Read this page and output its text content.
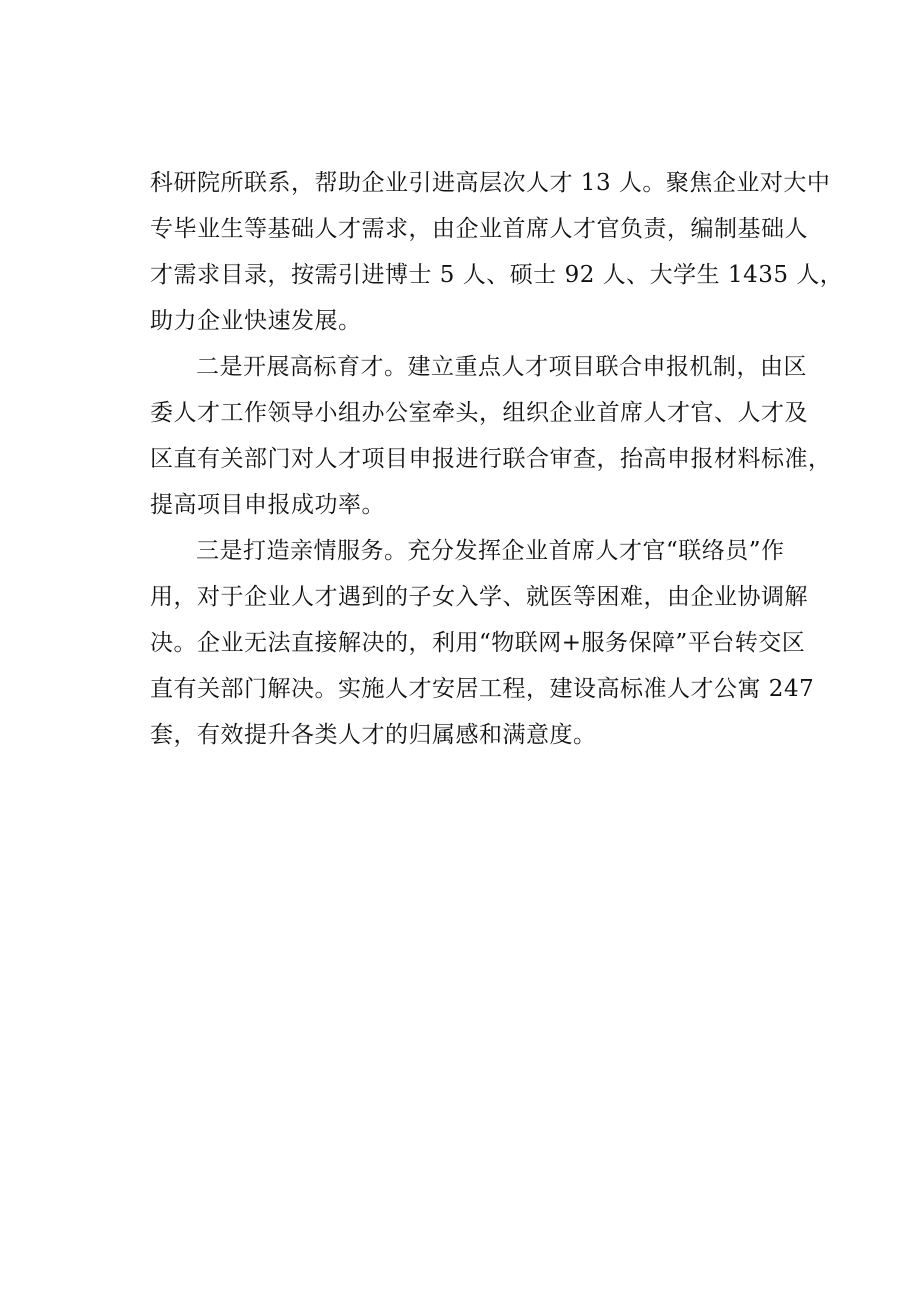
科研院所联系，帮助企业引进高层次人才 13 人。聚焦企业对大中
专毕业生等基础人才需求，由企业首席人才官负责，编制基础人
才需求目录，按需引进博士 5 人、硕士 92 人、大学生 1435 人，
助力企业快速发展。
二是开展高标育才。建立重点人才项目联合申报机制，由区
委人才工作领导小组办公室牵头，组织企业首席人才官、人才及
区直有关部门对人才项目申报进行联合审查，抬高申报材料标准，
提高项目申报成功率。
三是打造亲情服务。充分发挥企业首席人才官“联络员”作
用，对于企业人才遇到的子女入学、就医等困难，由企业协调解
决。企业无法直接解决的，利用“物联网+服务保障”平台转交区
直有关部门解决。实施人才安居工程，建设高标准人才公寓 247
套，有效提升各类人才的归属感和满意度。
